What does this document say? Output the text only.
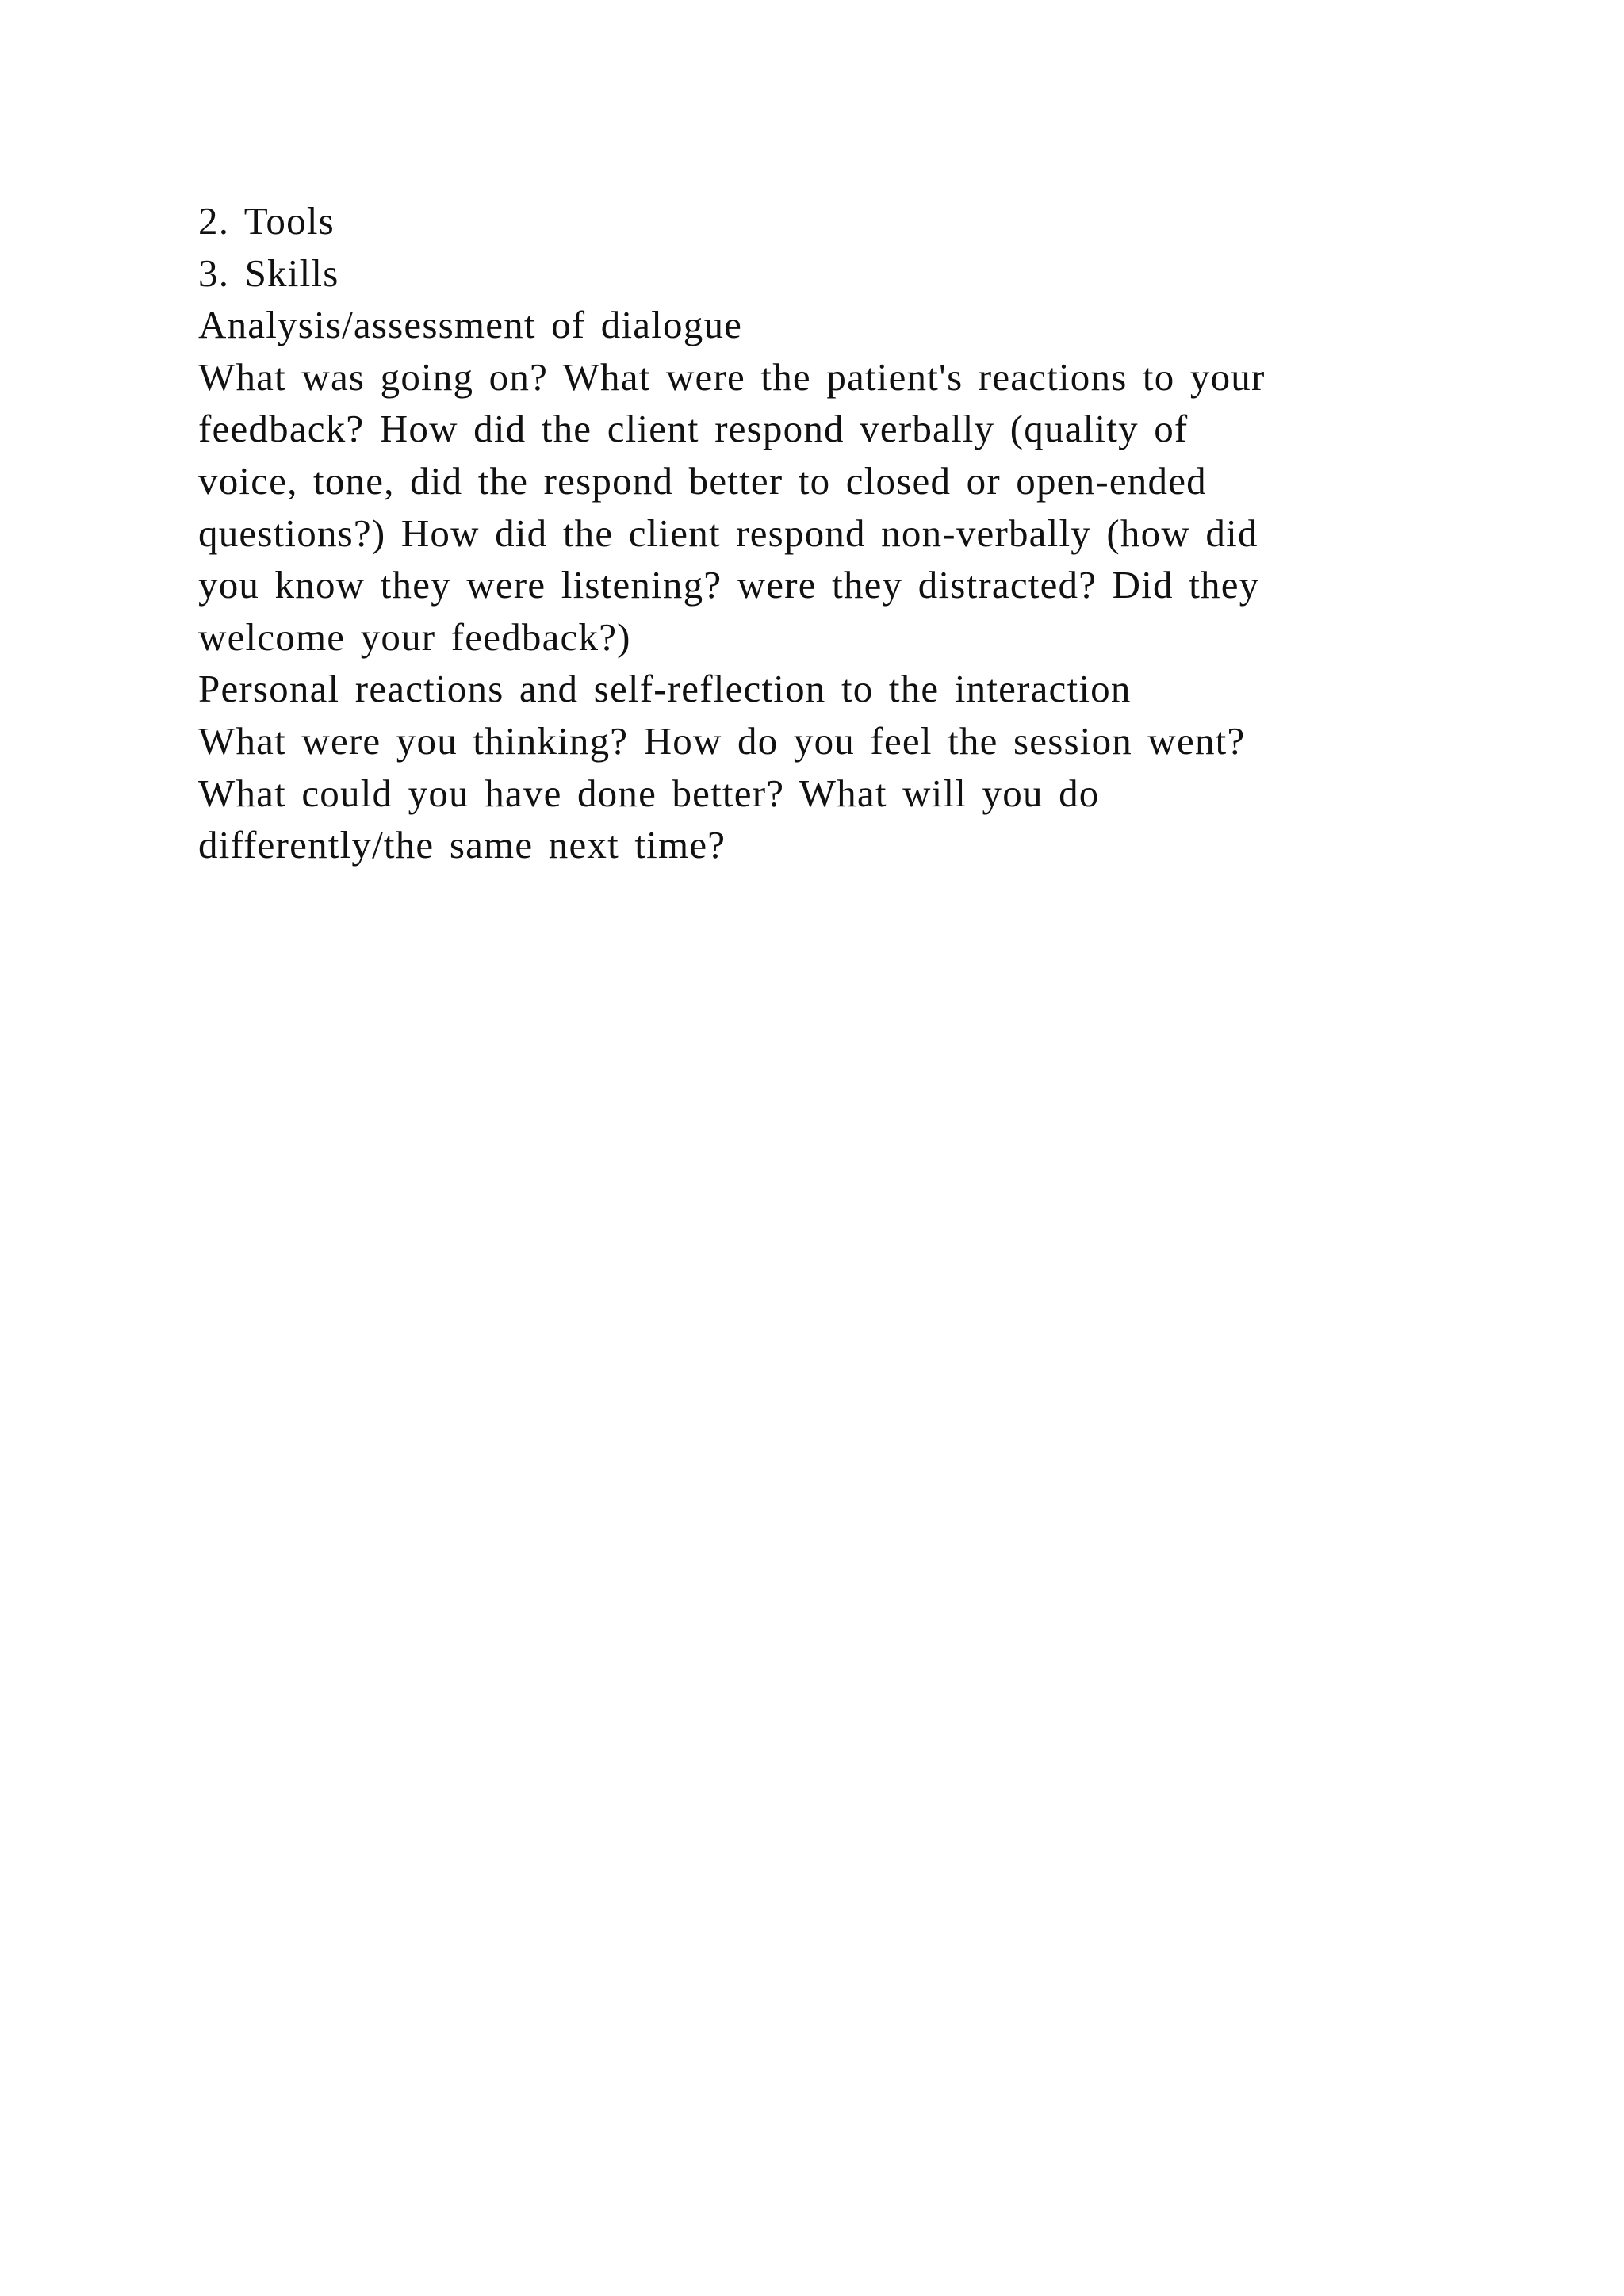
2. Tools

3. Skills

Analysis/assessment of dialogue

What was going on? What were the patient's reactions to your

feedback? How did the client respond verbally (quality of

voice, tone, did the respond better to closed or open-ended

questions?) How did the client respond non-verbally (how did

you know they were listening? were they distracted? Did they

welcome your feedback?)

Personal reactions and self-reflection to the interaction

What were you thinking? How do you feel the session went?

What could you have done better? What will you do

differently/the same next time?
